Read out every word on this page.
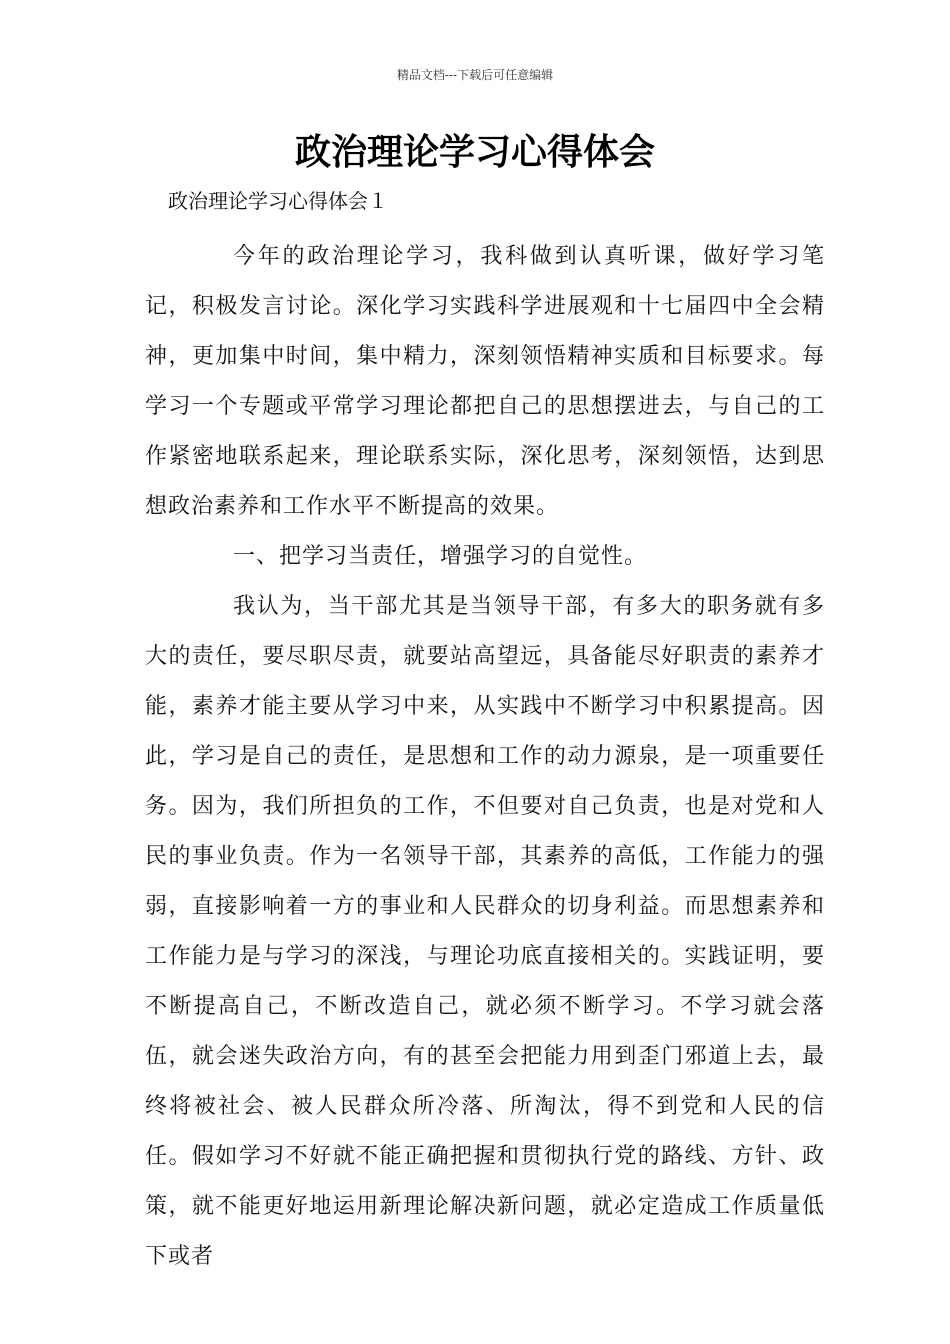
精品文档---下载后可任意编辑
政治理论学习心得体会
政治理论学习心得体会１

今年的政治理论学习，我科做到认真听课，做好学习笔记，积极发言讨论。深化学习实践科学进展观和十七届四中全会精神，更加集中时间，集中精力，深刻领悟精神实质和目标要求。每学习一个专题或平常学习理论都把自己的思想摆进去，与自己的工作紧密地联系起来，理论联系实际，深化思考，深刻领悟，达到思想政治素养和工作水平不断提高的效果。

一、把学习当责任，增强学习的自觉性。

我认为，当干部尤其是当领导干部，有多大的职务就有多大的责任，要尽职尽责，就要站高望远，具备能尽好职责的素养才能，素养才能主要从学习中来，从实践中不断学习中积累提高。因此，学习是自己的责任，是思想和工作的动力源泉，是一项重要任务。因为，我们所担负的工作，不但要对自己负责，也是对党和人民的事业负责。作为一名领导干部，其素养的高低，工作能力的强弱，直接影响着一方的事业和人民群众的切身利益。而思想素养和工作能力是与学习的深浅，与理论功底直接相关的。实践证明，要不断提高自己，不断改造自己，就必须不断学习。不学习就会落伍，就会迷失政治方向，有的甚至会把能力用到歪门邪道上去，最终将被社会、被人民群众所冷落、所淘汰，得不到党和人民的信任。假如学习不好就不能正确把握和贯彻执行党的路线、方针、政策，就不能更好地运用新理论解决新问题，就必定造成工作质量低下或者
